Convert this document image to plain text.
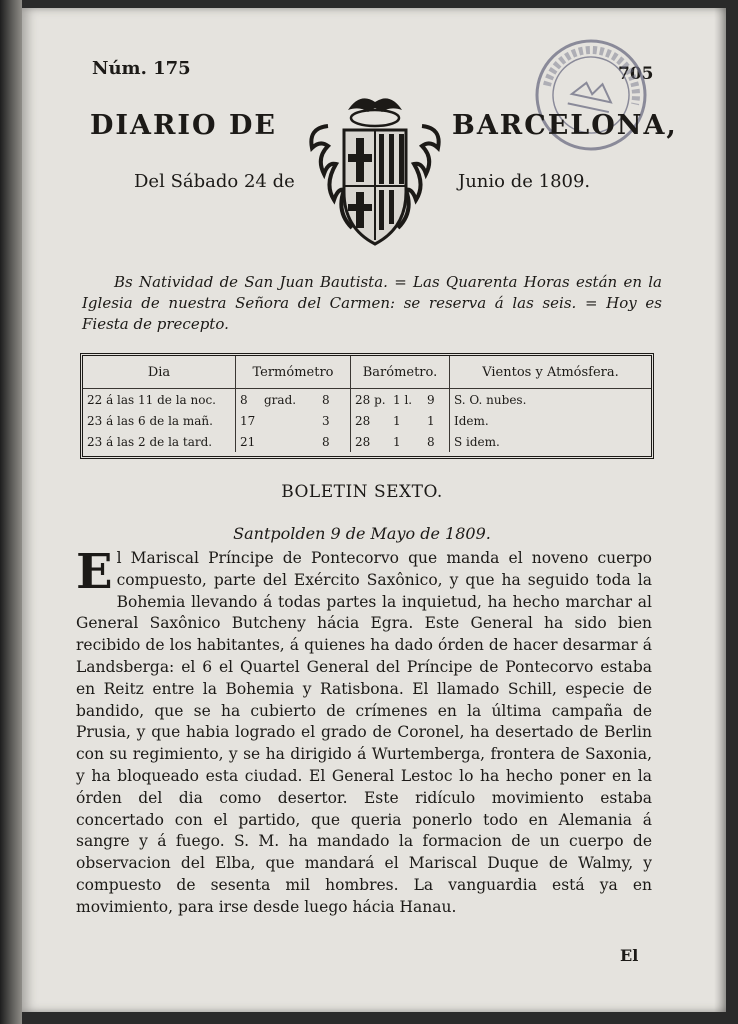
Núm. 175	705
DIARIO DE	BARCELONA,
Del Sábado 24 de	Junio de 1809.
Bs Natividad de San Juan Bautista. = Las Quarenta Horas están en la Iglesia de nuestra Señora del Carmen: se reserva á las seis. = Hoy es Fiesta de precepto.
Dia	Termómetro	Barómetro.	Vientos y Atmósfera.
22 á las 11 de la noc.	8 grad. 8	28 p. 1 l. 9	S. O. nubes.
23 á las 6 de la mañ.	17 3	28 1 1	Idem.
23 á las 2 de la tard.	21 8	28 1 8	S idem.
BOLETIN SEXTO.
Santpolden 9 de Mayo de 1809.
El Mariscal Príncipe de Pontecorvo que manda el noveno cuerpo compuesto, parte del Exército Saxônico, y que ha seguido toda la Bohemia llevando á todas partes la inquietud, ha hecho marchar al General Saxônico Butcheny hácia Egra. Este General ha sido bien recibido de los habitantes, á quienes ha dado órden de hacer desarmar á Landsberga: el 6 el Quartel General del Príncipe de Pontecorvo estaba en Reitz entre la Bohemia y Ratisbona. El llamado Schill, especie de bandido, que se ha cubierto de crímenes en la última campaña de Prusia, y que habia logrado el grado de Coronel, ha desertado de Berlin con su regimiento, y se ha dirigido á Wurtemberga, frontera de Saxonia, y ha bloqueado esta ciudad. El General Lestoc lo ha hecho poner en la órden del dia como desertor. Este ridículo movimiento estaba concertado con el partido, que queria ponerlo todo en Alemania á sangre y á fuego. S. M. ha mandado la formacion de un cuerpo de observacion del Elba, que mandará el Mariscal Duque de Walmy, y compuesto de sesenta mil hombres. La vanguardia está ya en movimiento, para irse desde luego hácia Hanau.
El
